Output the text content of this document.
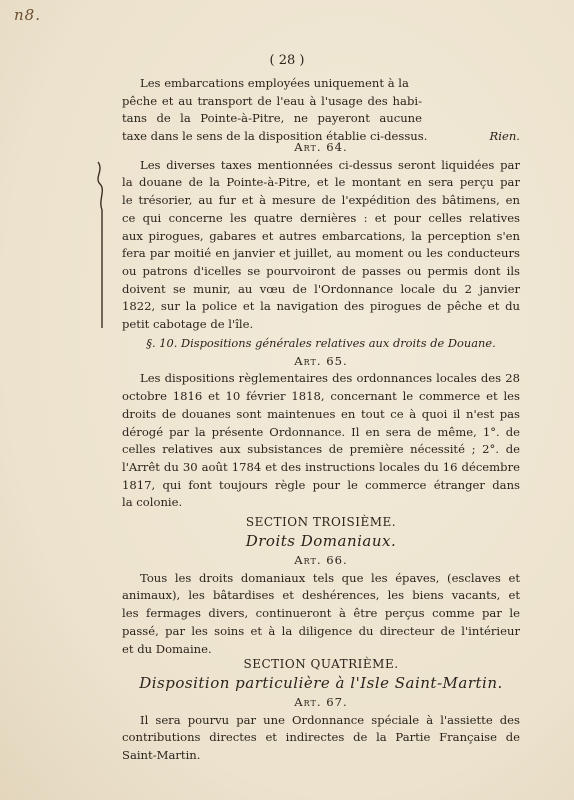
n8.
( 28 )
Les embarcations employées uniquement à la
pêche et au transport de l'eau à l'usage des habi-
tans de la Pointe-à-Pitre, ne payeront aucune
taxe dans le sens de la disposition établie ci-dessus.	Rien.
Art. 64.
Les diverses taxes mentionnées ci-dessus seront liquidées par
la douane de la Pointe-à-Pitre, et le montant en sera perçu par
le trésorier, au fur et à mesure de l'expédition des bâtimens, en
ce qui concerne les quatre dernières : et pour celles relatives
aux pirogues, gabares et autres embarcations, la perception s'en
fera par moitié en janvier et juillet, au moment ou les conducteurs
ou patrons d'icelles se pourvoiront de passes ou permis dont ils
doivent se munir, au vœu de l'Ordonnance locale du 2 janvier
1822, sur la police et la navigation des pirogues de pêche et du
petit cabotage de l'île.
§. 10. Dispositions générales relatives aux droits de Douane.
Art. 65.
Les dispositions règlementaires des ordonnances locales des 28
octobre 1816 et 10 février 1818, concernant le commerce et les
droits de douanes sont maintenues en tout ce à quoi il n'est pas
dérogé par la présente Ordonnance. Il en sera de même, 1°. de
celles relatives aux subsistances de première nécessité ; 2°. de
l'Arrêt du 30 août 1784 et des instructions locales du 16 décembre
1817, qui font toujours règle pour le commerce étranger dans
la colonie.
SECTION TROISIÈME.
Droits Domaniaux.
Art. 66.
Tous les droits domaniaux tels que les épaves, (esclaves et
animaux), les bâtardises et deshérences, les biens vacants, et
les fermages divers, continueront à être perçus comme par le
passé, par les soins et à la diligence du directeur de l'intérieur
et du Domaine.
SECTION QUATRIÈME.
Disposition particulière à l'Isle Saint-Martin.
Art. 67.
Il sera pourvu par une Ordonnance spéciale à l'assiette des
contributions directes et indirectes de la Partie Française de
Saint-Martin.
